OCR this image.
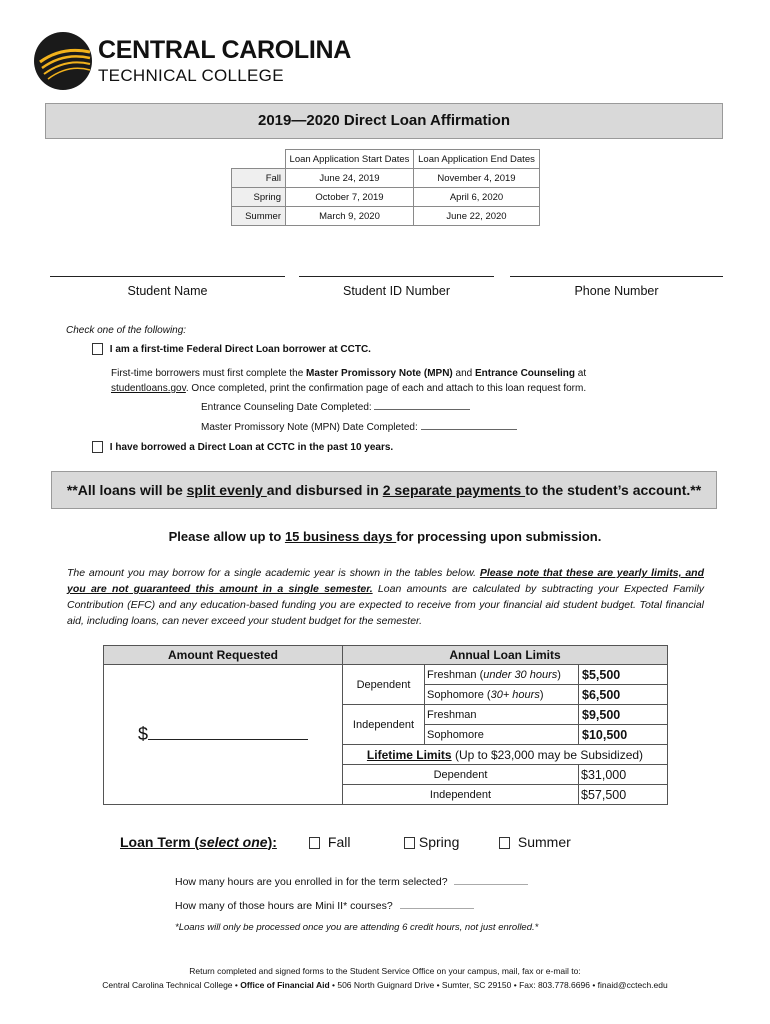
CENTRAL CAROLINA
TECHNICAL COLLEGE
2019—2020 Direct Loan Affirmation
	Loan Application Start Dates	Loan Application End Dates
Fall	June 24, 2019	November 4, 2019
Spring	October 7, 2019	April 6, 2020
Summer	March 9, 2020	June 22, 2020
Student Name	Student ID Number	Phone Number
Check one of the following:
I am a first-time Federal Direct Loan borrower at CCTC.
First-time borrowers must first complete the Master Promissory Note (MPN) and Entrance Counseling at
studentloans.gov. Once completed, print the confirmation page of each and attach to this loan request form.
Entrance Counseling Date Completed:
Master Promissory Note (MPN) Date Completed:
I have borrowed a Direct Loan at CCTC in the past 10 years.
**All loans will be split evenly and disbursed in 2 separate payments to the student’s account.**
Please allow up to 15 business days for processing upon submission.
The amount you may borrow for a single academic year is shown in the tables below. Please note that these are yearly limits, and you are not guaranteed this amount in a single semester. Loan amounts are calculated by subtracting your Expected Family Contribution (EFC) and any education-based funding you are expected to receive from your financial aid student budget. Total financial aid, including loans, can never exceed your student budget for the semester.
Amount Requested	Annual Loan Limits		
$	Dependent	Freshman (under 30 hours)	$5,500
		Sophomore (30+ hours)	$6,500
	Independent	Freshman	$9,500
		Sophomore	$10,500
	Lifetime Limits (Up to $23,000 may be Subsidized)		
	Dependent		$31,000
	Independent		$57,500
Loan Term (select one):	Fall	Spring	Summer
How many hours are you enrolled in for the term selected?
How many of those hours are Mini II* courses?
*Loans will only be processed once you are attending 6 credit hours, not just enrolled.*
Return completed and signed forms to the Student Service Office on your campus, mail, fax or e-mail to:
Central Carolina Technical College • Office of Financial Aid • 506 North Guignard Drive • Sumter, SC 29150 • Fax: 803.778.6696 • finaid@cctech.edu
